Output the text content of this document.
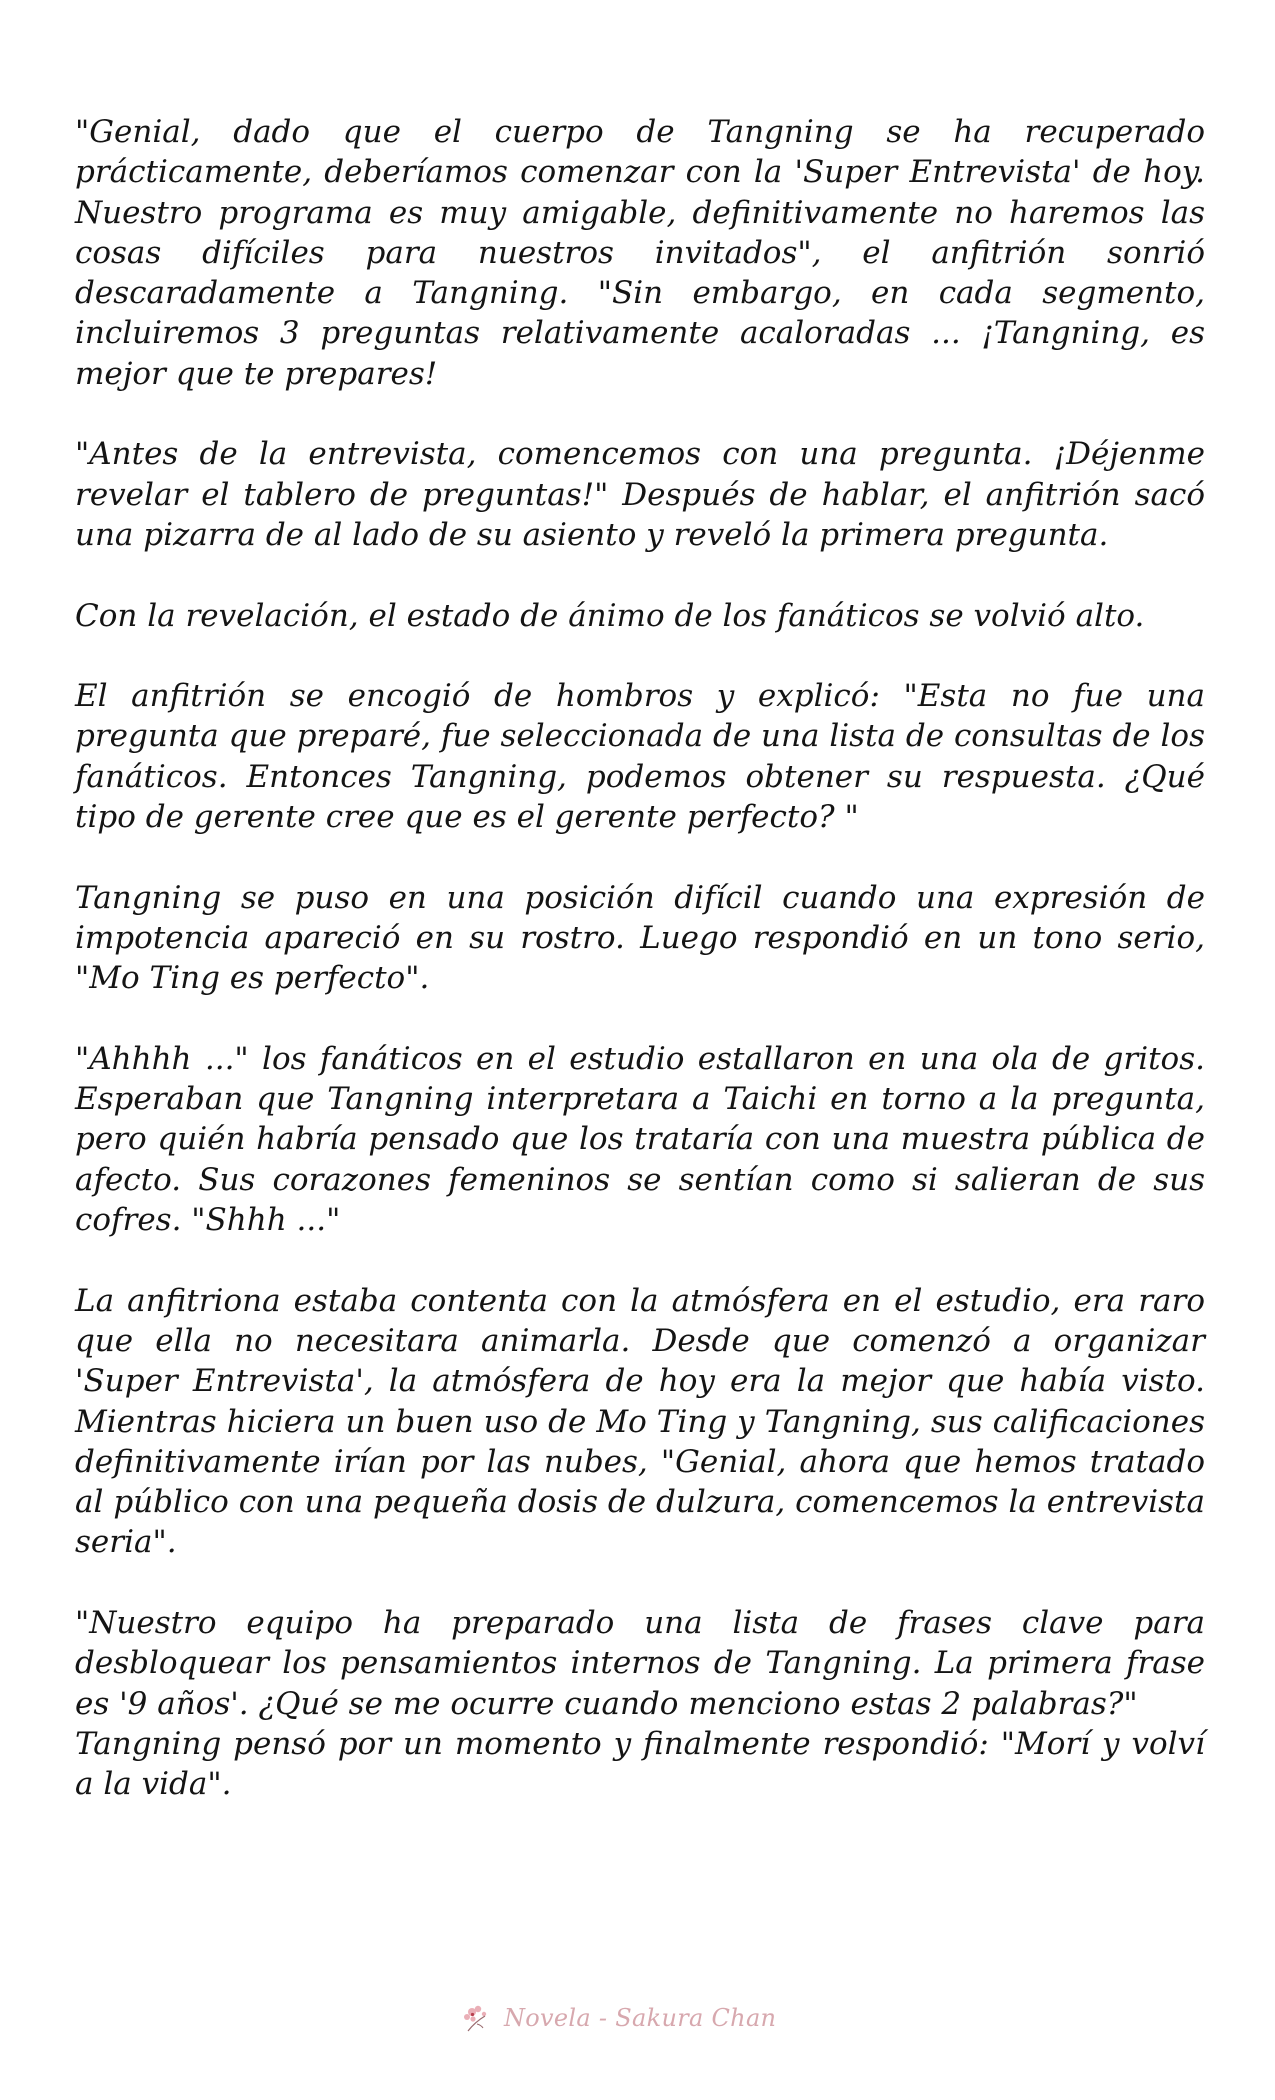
"Genial, dado que el cuerpo de Tangning se ha recuperado prácticamente, deberíamos comenzar con la 'Super Entrevista' de hoy. Nuestro programa es muy amigable, definitivamente no haremos las cosas difíciles para nuestros invitados", el anfitrión sonrió descaradamente a Tangning. "Sin embargo, en cada segmento, incluiremos 3 preguntas relativamente acaloradas ... ¡Tangning, es mejor que te prepares!

"Antes de la entrevista, comencemos con una pregunta. ¡Déjenme revelar el tablero de preguntas!" Después de hablar, el anfitrión sacó una pizarra de al lado de su asiento y reveló la primera pregunta.

Con la revelación, el estado de ánimo de los fanáticos se volvió alto.

El anfitrión se encogió de hombros y explicó: "Esta no fue una pregunta que preparé, fue seleccionada de una lista de consultas de los fanáticos. Entonces Tangning, podemos obtener su respuesta. ¿Qué tipo de gerente cree que es el gerente perfecto? "

Tangning se puso en una posición difícil cuando una expresión de impotencia apareció en su rostro. Luego respondió en un tono serio, "Mo Ting es perfecto".

"Ahhhh ..." los fanáticos en el estudio estallaron en una ola de gritos. Esperaban que Tangning interpretara a Taichi en torno a la pregunta, pero quién habría pensado que los trataría con una muestra pública de afecto. Sus corazones femeninos se sentían como si salieran de sus cofres. "Shhh ..."

La anfitriona estaba contenta con la atmósfera en el estudio, era raro que ella no necesitara animarla. Desde que comenzó a organizar 'Super Entrevista', la atmósfera de hoy era la mejor que había visto. Mientras hiciera un buen uso de Mo Ting y Tangning, sus calificaciones definitivamente irían por las nubes, "Genial, ahora que hemos tratado al público con una pequeña dosis de dulzura, comencemos la entrevista seria".

"Nuestro equipo ha preparado una lista de frases clave para desbloquear los pensamientos internos de Tangning. La primera frase es '9 años'. ¿Qué se me ocurre cuando menciono estas 2 palabras?"

Tangning pensó por un momento y finalmente respondió: "Morí y volví a la vida".

Novela - Sakura Chan
